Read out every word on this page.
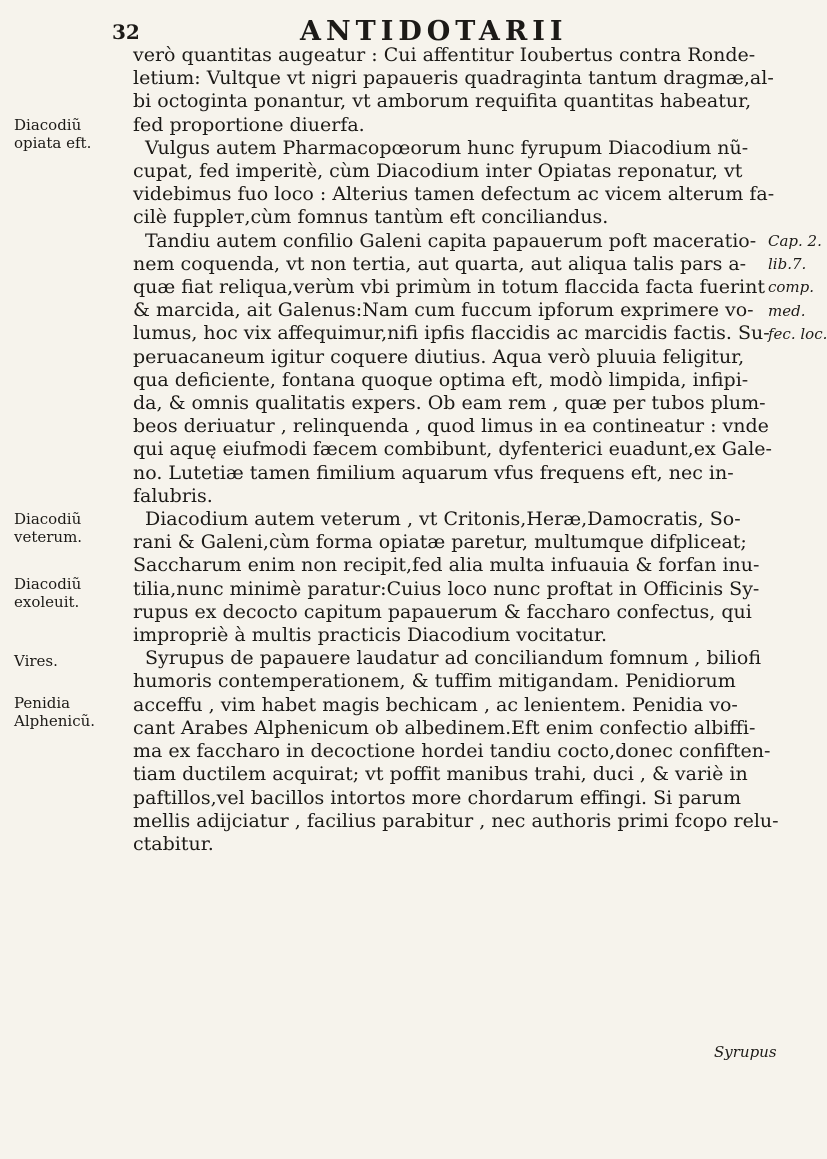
32	ANTIDOTARII
verò quantitas augeatur : Cui affentitur Ioubertus contra Ronde-
letium: Vultque vt nigri papaueris quadraginta tantum dragmæ,al-
bi octoginta ponantur, vt amborum requifita quantitas habeatur,
fed proportione diuerfa.
Vulgus autem Pharmacopœorum hunc fyrupum Diacodium nũ-
cupat, fed imperitè, cùm Diacodium inter Opiatas reponatur, vt
videbimus fuo loco : Alterius tamen defectum ac vicem alterum fa-
cilè fuppleт,cùm fomnus tantùm eft conciliandus.
Tandiu autem confilio Galeni capita papauerum poft maceratio-
nem coquenda, vt non tertia, aut quarta, aut aliqua talis pars a-
quæ fiat reliqua,verùm vbi primùm in totum flaccida facta fuerint
& marcida, ait Galenus:Nam cum fuccum ipforum exprimere vo-
lumus, hoc vix affequimur,nifi ipfis flaccidis ac marcidis factis. Su-
peruacaneum igitur coquere diutius. Aqua verò pluuia feligitur,
qua deficiente, fontana quoque optima eft, modò limpida, infipi-
da, & omnis qualitatis expers. Ob eam rem , quæ per tubos plum-
beos deriuatur , relinquenda , quod limus in ea contineatur : vnde
qui aquę eiufmodi fæcem combibunt, dyfenterici euadunt,ex Gale-
no. Lutetiæ tamen fimilium aquarum vfus frequens eft, nec in-
falubris.
Diacodium autem veterum , vt Critonis,Heræ,Damocratis, So-
rani & Galeni,cùm forma opiatæ paretur, multumque difpliceat;
Saccharum enim non recipit,fed alia multa infuauia & forfan inu-
tilia,nunc minimè paratur:Cuius loco nunc proftat in Officinis Sy-
rupus ex decocto capitum papauerum & faccharo confectus, qui
impropriè à multis practicis Diacodium vocitatur.
Syrupus de papauere laudatur ad conciliandum fomnum , biliofi
humoris contemperationem, & tuffim mitigandam. Penidiorum
acceffu , vim habet magis bechicam , ac lenientem. Penidia vo-
cant Arabes Alphenicum ob albedinem.Eft enim confectio albiffi-
ma ex faccharo in decoctione hordei tandiu cocto,donec confiften-
tiam ductilem acquirat; vt poffit manibus trahi, duci , & variè in
paftillos,vel bacillos intortos more chordarum effingi. Si parum
mellis adijciatur , facilius parabitur , nec authoris primi fcopo relu-
ctabitur.
Diacodiũ
opiata eft.
Diacodiũ
veterum.
Diacodiũ
exoleuit.
Vires.
Penidia
Alphenicũ.
Cap. 2.
lib.7.
comp.
med.
fec. loc.
Syrupus
